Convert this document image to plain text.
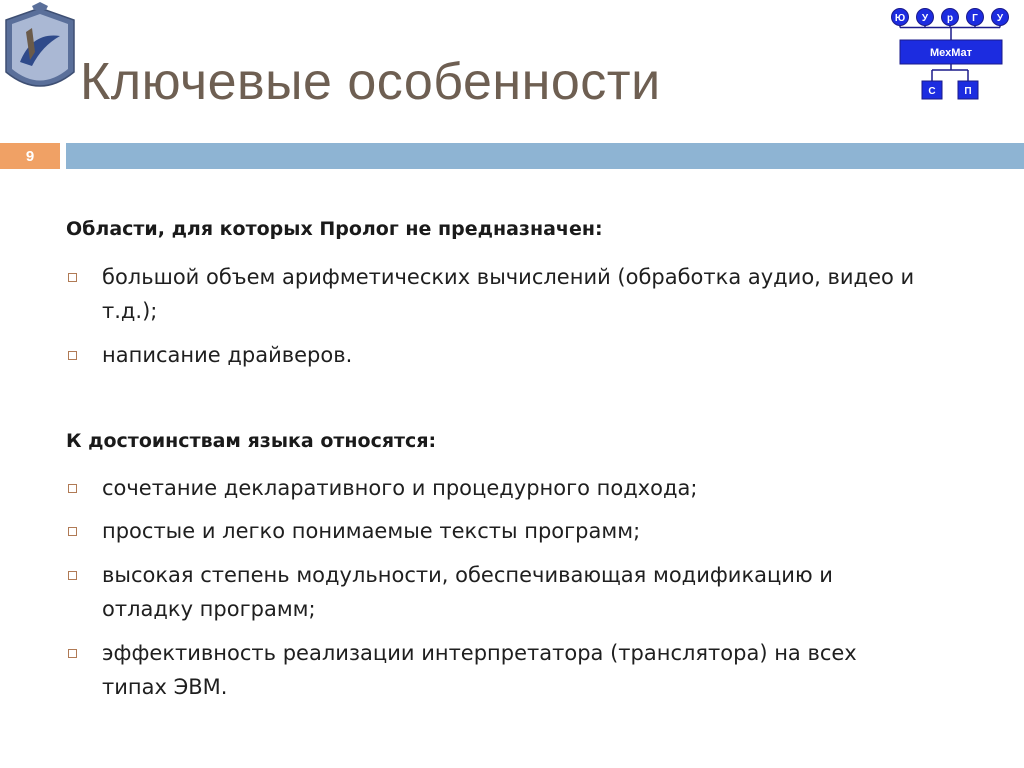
Ключевые особенности
Ю У р Г У
МехМат
С	П
9
Области, для которых Пролог не предназначен:
большой объем арифметических вычислений (обработка аудио, видео и т.д.);
написание драйверов.
К достоинствам языка относятся:
сочетание декларативного и процедурного подхода;
простые и легко понимаемые тексты программ;
высокая степень модульности, обеспечивающая модификацию и отладку программ;
эффективность реализации интерпретатора (транслятора) на всех типах ЭВМ.
